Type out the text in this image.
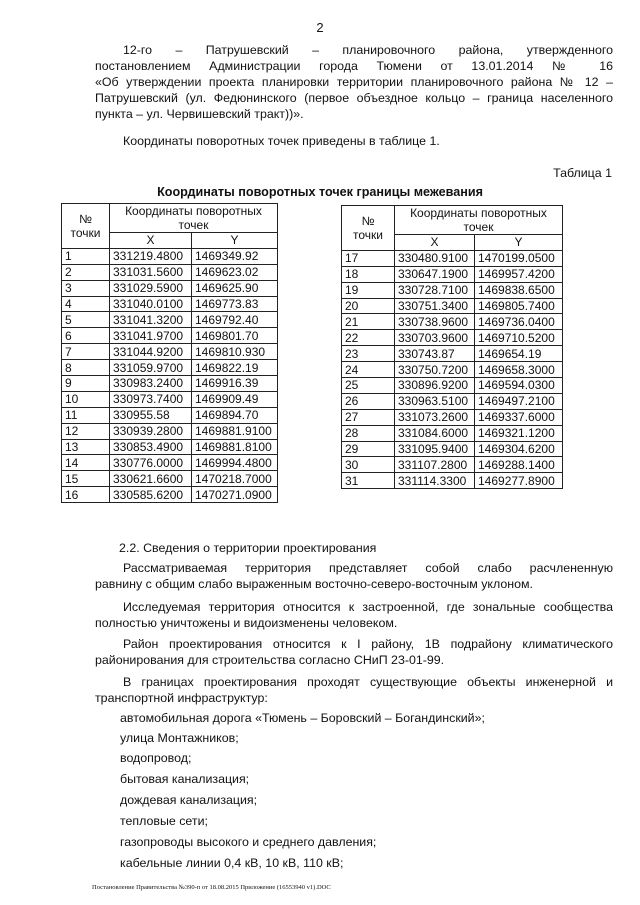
2
12-го – Патрушевский – планировочного района, утвержденного
постановлением Администрации города Тюмени от 13.01.2014 № 16
«Об утверждении проекта планировки территории планировочного района № 12 –
Патрушевский (ул. Федюнинского (первое объездное кольцо – граница населенного
пункта – ул. Червишевский тракт))».
Координаты поворотных точек приведены в таблице 1.
Таблица 1
Координаты поворотных точек границы межевания
№
точки	Координаты поворотных
точек	
	X	Y
1	331219.4800	1469349.92
2	331031.5600	1469623.02
3	331029.5900	1469625.90
4	331040.0100	1469773.83
5	331041.3200	1469792.40
6	331041.9700	1469801.70
7	331044.9200	1469810.930
8	331059.9700	1469822.19
9	330983.2400	1469916.39
10	330973.7400	1469909.49
11	330955.58	1469894.70
12	330939.2800	1469881.9100
13	330853.4900	1469881.8100
14	330776.0000	1469994.4800
15	330621.6600	1470218.7000
16	330585.6200	1470271.0900
№
точки	Координаты поворотных
точек	
	X	Y
17	330480.9100	1470199.0500
18	330647.1900	1469957.4200
19	330728.7100	1469838.6500
20	330751.3400	1469805.7400
21	330738.9600	1469736.0400
22	330703.9600	1469710.5200
23	330743.87	1469654.19
24	330750.7200	1469658.3000
25	330896.9200	1469594.0300
26	330963.5100	1469497.2100
27	331073.2600	1469337.6000
28	331084.6000	1469321.1200
29	331095.9400	1469304.6200
30	331107.2800	1469288.1400
31	331114.3300	1469277.8900
2.2. Сведения о территории проектирования
Рассматриваемая территория представляет собой слабо расчлененную
равнину с общим слабо выраженным восточно-северо-восточным уклоном.
Исследуемая территория относится к застроенной, где зональные сообщества
полностью уничтожены и видоизменены человеком.
Район проектирования относится к I району, 1В подрайону климатического
районирования для строительства согласно СНиП 23-01-99.
В границах проектирования проходят существующие объекты инженерной и
транспортной инфраструктур:
автомобильная дорога «Тюмень – Боровский – Богандинский»;
улица Монтажников;
водопровод;
бытовая канализация;
дождевая канализация;
тепловые сети;
газопроводы высокого и среднего давления;
кабельные линии 0,4 кВ, 10 кВ, 110 кВ;
Постановление Правительства №390-п от 18.08.2015 Приложение (16553940 v1).DOC
